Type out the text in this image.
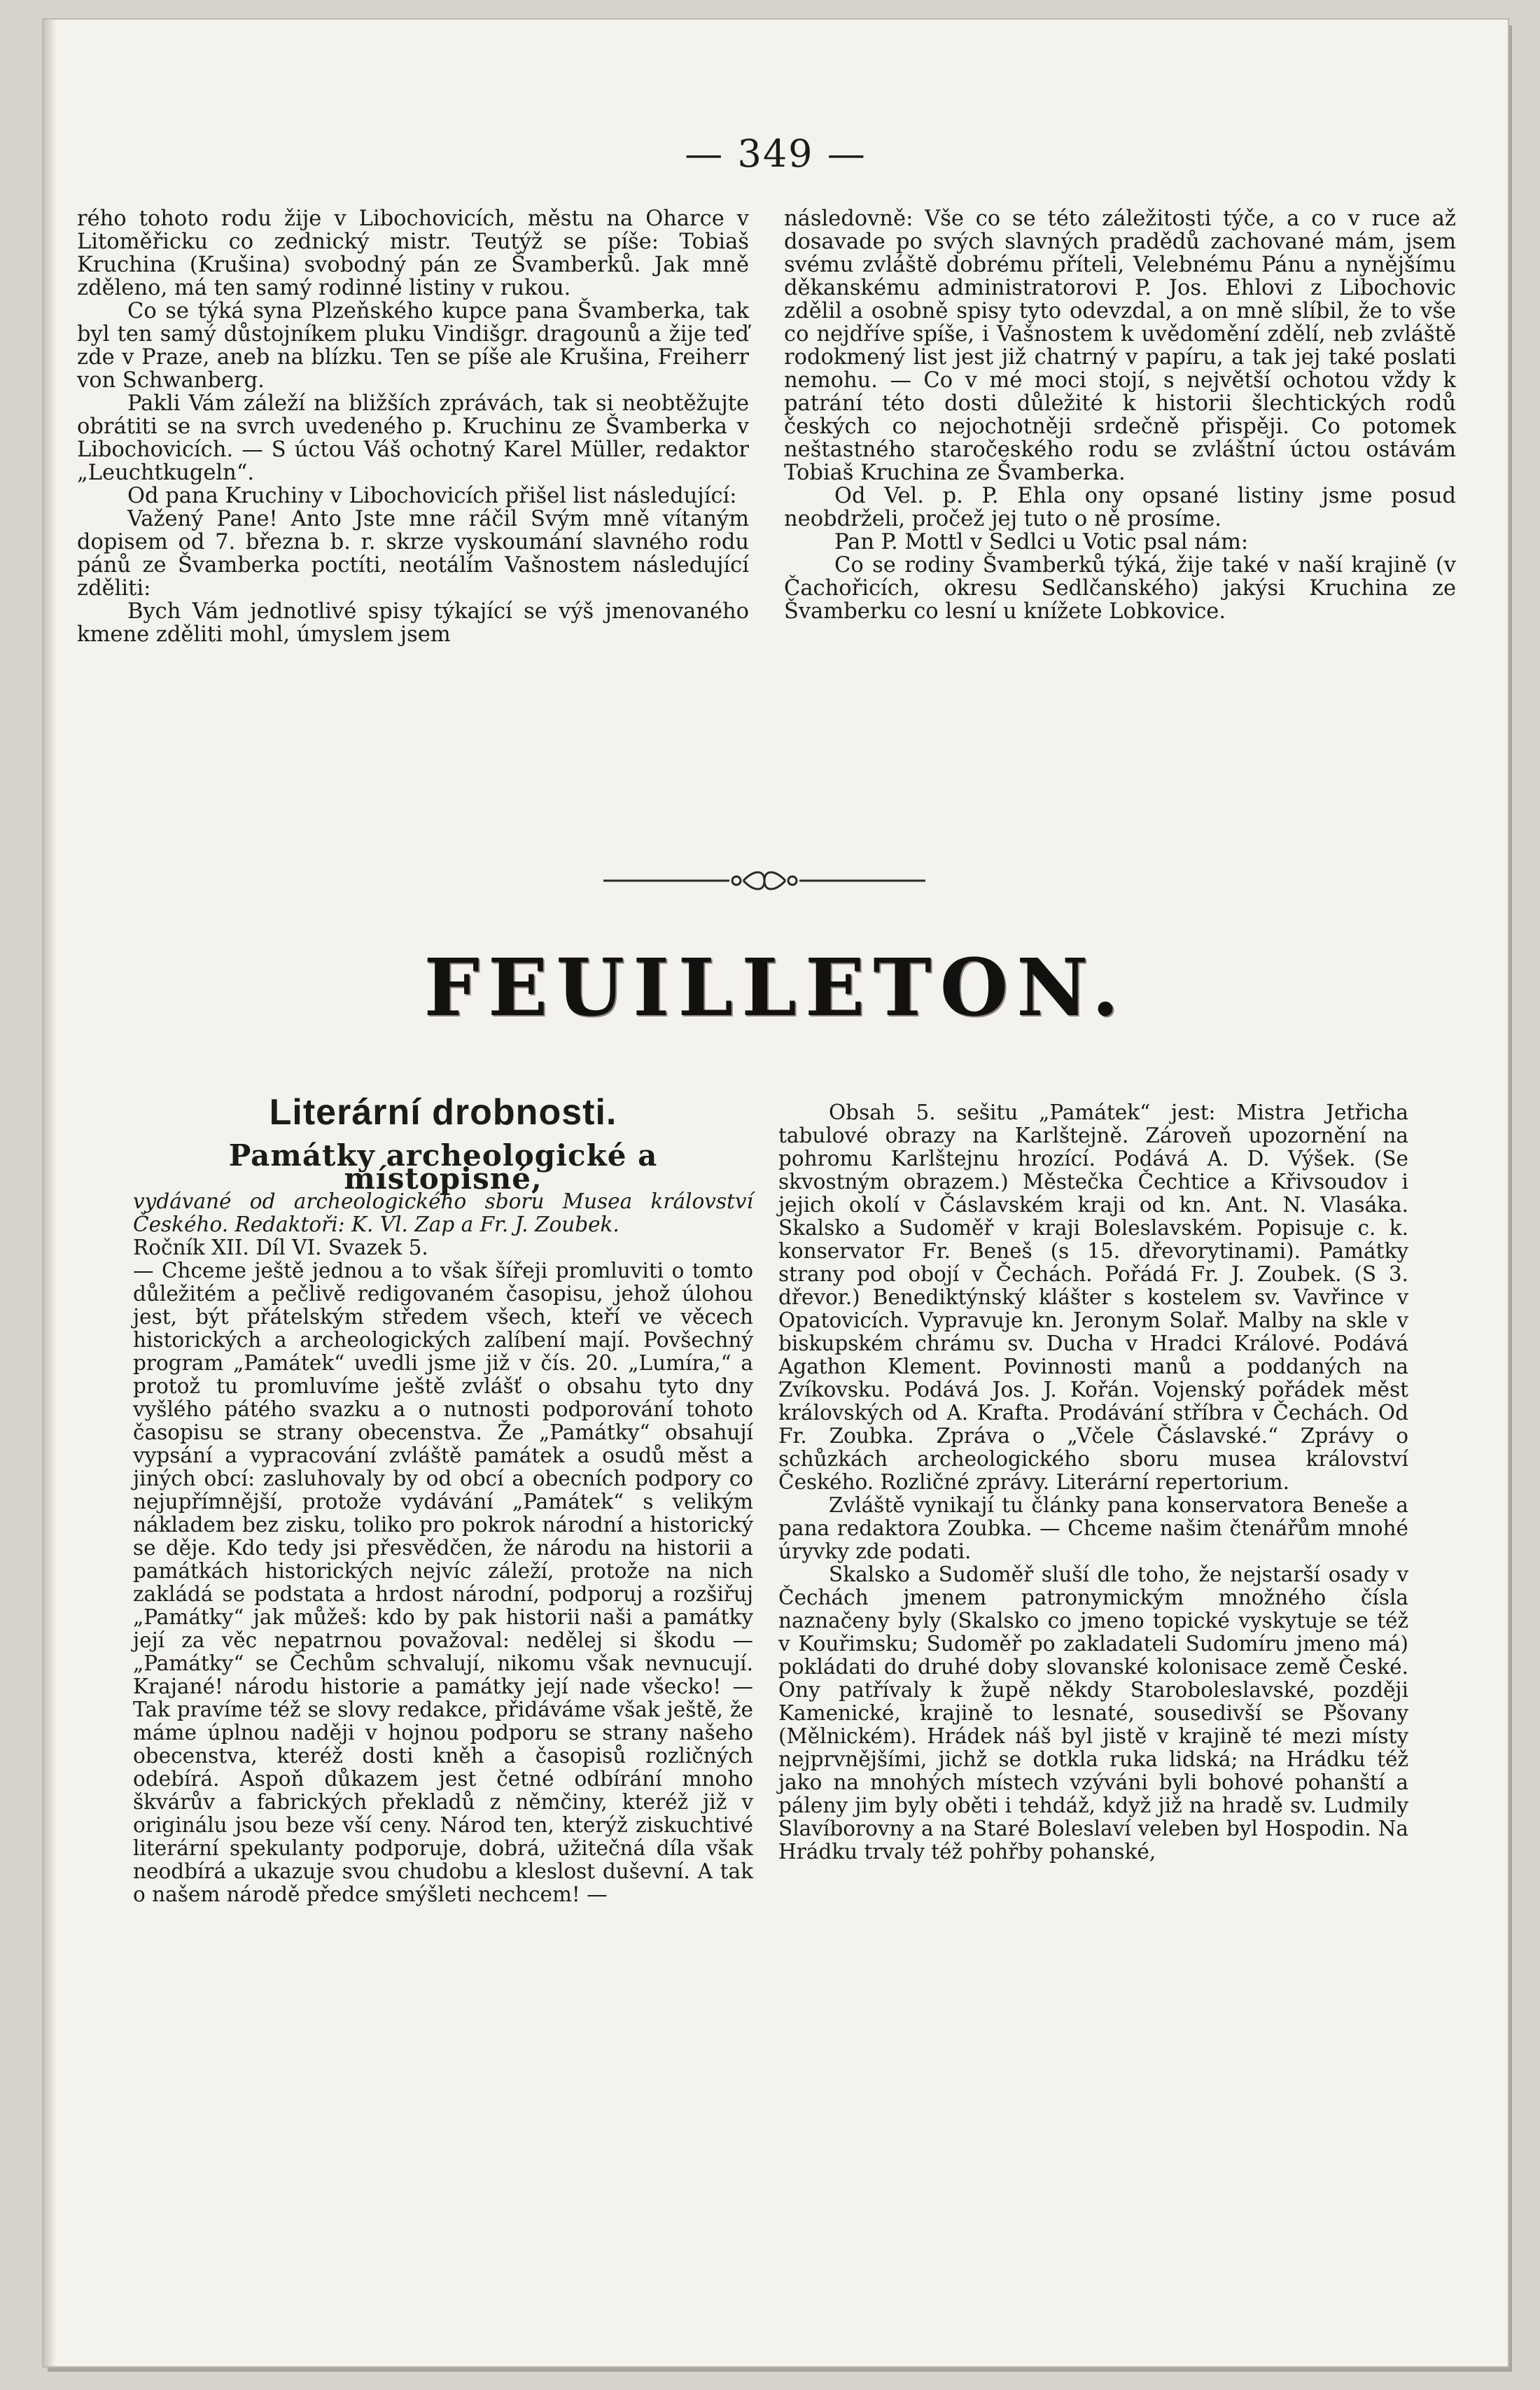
— 349 —

rého tohoto rodu žije v Libochovicích, městu na Oharce v Litoměřicku co zednický mistr. Teutýž se píše: Tobiaš Kruchina (Krušina) svobodný pán ze Švamberků. Jak mně zděleno, má ten samý rodinné listiny v rukou.

Co se týká syna Plzeňského kupce pana Švamberka, tak byl ten samý důstojníkem pluku Vindišgr. dragounů a žije teď zde v Praze, aneb na blízku. Ten se píše ale Krušina, Freiherr von Schwanberg.

Pakli Vám záleží na bližších zprávách, tak si neobtěžujte obrátiti se na svrch uvedeného p. Kruchinu ze Švamberka v Libochovicích. — S úctou Váš ochotný Karel Müller, redaktor „Leuchtkugeln“.

Od pana Kruchiny v Libochovicích přišel list následující:

Važený Pane! Anto Jste mne ráčil Svým mně vítaným dopisem od 7. března b. r. skrze vyskoumání slavného rodu pánů ze Švamberka poctíti, neotálím Vašnostem následující zděliti:

Bych Vám jednotlivé spisy týkající se výš jmenovaného kmene zděliti mohl, úmyslem jsem

následovně: Vše co se této záležitosti týče, a co v ruce až dosavade po svých slavných pradědů zachované mám, jsem svému zvláště dobrému příteli, Velebnému Pánu a nynějšímu děkanskému administratorovi P. Jos. Ehlovi z Libochovic zdělil a osobně spisy tyto odevzdal, a on mně slíbil, že to vše co nejdříve spíše, i Vašnostem k uvědomění zdělí, neb zvláště rodokmený list jest již chatrný v papíru, a tak jej také poslati nemohu. — Co v mé moci stojí, s největší ochotou vždy k patrání této dosti důležité k historii šlechtických rodů českých co nejochotněji srdečně přispěji. Co potomek neštastného staročeského rodu se zvláštní úctou ostávám Tobiaš Kruchina ze Švamberka.

Od Vel. p. P. Ehla ony opsané listiny jsme posud neobdrželi, pročež jej tuto o ně prosíme.

Pan P. Mottl v Sedlci u Votic psal nám:

Co se rodiny Švamberků týká, žije také v naší krajině (v Čachořicích, okresu Sedlčanského) jakýsi Kruchina ze Švamberku co lesní u knížete Lobkovice.

FEUILLETON.
Literární drobnosti.
Památky archeologické a místopisné,

vydávané od archeologického sboru Musea království Českého. Redaktoři: K. Vl. Zap a Fr. J. Zoubek.

Ročník XII. Díl VI. Svazek 5.

— Chceme ještě jednou a to však šířeji promluviti o tomto důležitém a pečlivě redigovaném časopisu, jehož úlohou jest, být přátelským středem všech, kteří ve věcech historických a archeologických zalíbení mají. Povšechný program „Památek“ uvedli jsme již v čís. 20. „Lumíra,“ a protož tu promluvíme ještě zvlášť o obsahu tyto dny vyšlého pátého svazku a o nutnosti podporování tohoto časopisu se strany obecenstva. Že „Památky“ obsahují vypsání a vypracování zvláště památek a osudů měst a jiných obcí: zasluhovaly by od obcí a obecních podpory co nejupřímnější, protože vydávání „Památek“ s velikým nákladem bez zisku, toliko pro pokrok národní a historický se děje. Kdo tedy jsi přesvědčen, že národu na historii a památkách historických nejvíc záleží, protože na nich zakládá se podstata a hrdost národní, podporuj a rozšiřuj „Památky“ jak můžeš: kdo by pak historii naši a památky její za věc nepatrnou považoval: nedělej si škodu — „Památky“ se Čechům schvalují, nikomu však nevnucují. Krajané! národu historie a památky její nade všecko! — Tak pravíme též se slovy redakce, přidáváme však ještě, že máme úplnou naději v hojnou podporu se strany našeho obecenstva, kteréž dosti kněh a časopisů rozličných odebírá. Aspoň důkazem jest četné odbírání mnoho škvárův a fabrických překladů z němčiny, kteréž již v originálu jsou beze vší ceny. Národ ten, kterýž ziskuchtivé literární spekulanty podporuje, dobrá, užitečná díla však neodbírá a ukazuje svou chudobu a kleslost duševní. A tak o našem národě předce smýšleti nechcem! —

Obsah 5. sešitu „Památek“ jest: Mistra Jetřicha tabulové obrazy na Karlštejně. Zároveň upozornění na pohromu Karlštejnu hrozící. Podává A. D. Výšek. (Se skvostným obrazem.) Městečka Čechtice a Křivsoudov i jejich okolí v Čáslavském kraji od kn. Ant. N. Vlasáka. Skalsko a Sudoměř v kraji Boleslavském. Popisuje c. k. konservator Fr. Beneš (s 15. dřevorytinami). Památky strany pod obojí v Čechách. Pořádá Fr. J. Zoubek. (S 3. dřevor.) Benediktýnský klášter s kostelem sv. Vavřince v Opatovicích. Vypravuje kn. Jeronym Solař. Malby na skle v biskupském chrámu sv. Ducha v Hradci Králové. Podává Agathon Klement. Povinnosti manů a poddaných na Zvíkovsku. Podává Jos. J. Kořán. Vojenský pořádek měst královských od A. Krafta. Prodávání stříbra v Čechách. Od Fr. Zoubka. Zpráva o „Včele Čáslavské.“ Zprávy o schůzkách archeologického sboru musea království Českého. Rozličné zprávy. Literární repertorium.

Zvláště vynikají tu články pana konservatora Beneše a pana redaktora Zoubka. — Chceme našim čtenářům mnohé úryvky zde podati.

Skalsko a Sudoměř sluší dle toho, že nejstarší osady v Čechách jmenem patronymickým množného čísla naznačeny byly (Skalsko co jmeno topické vyskytuje se též v Kouřimsku; Sudoměř po zakladateli Sudomíru jmeno má) pokládati do druhé doby slovanské kolonisace země České. Ony patřívaly k župě někdy Staroboleslavské, později Kamenické, krajině to lesnaté, sousedivší se Pšovany (Mělnickém). Hrádek náš byl jistě v krajině té mezi místy nejprvnějšími, jichž se dotkla ruka lidská; na Hrádku též jako na mnohých místech vzýváni byli bohové pohanští a páleny jim byly oběti i tehdáž, když již na hradě sv. Ludmily Slavíborovny a na Staré Boleslaví veleben byl Hospodin. Na Hrádku trvaly též pohřby pohanské,
